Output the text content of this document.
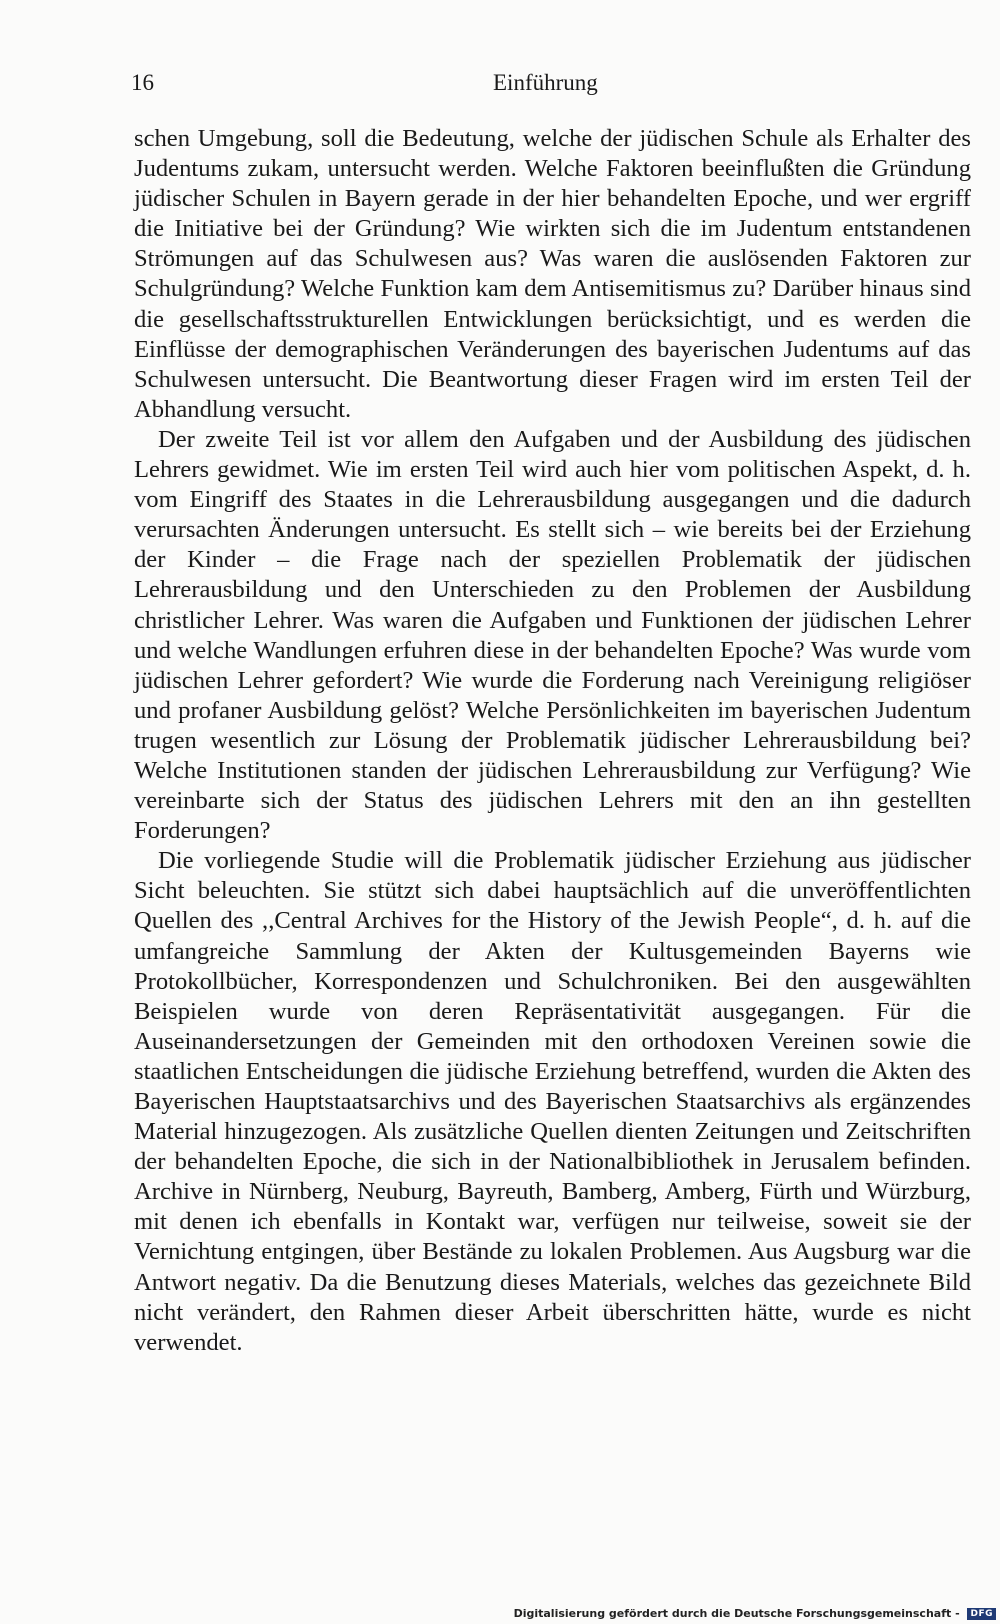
16	Einführung

schen Umgebung, soll die Bedeutung, welche der jüdischen Schule als Erhalter des Judentums zukam, untersucht werden. Welche Faktoren beeinflußten die Gründung jüdischer Schulen in Bayern gerade in der hier behandelten Epoche, und wer ergriff die Initiative bei der Gründung? Wie wirkten sich die im Judentum entstandenen Strömungen auf das Schulwesen aus? Was waren die auslösenden Faktoren zur Schulgründung? Welche Funktion kam dem Antisemitismus zu? Darüber hinaus sind die gesellschaftsstrukturellen Entwicklungen berücksichtigt, und es werden die Einflüsse der demographischen Veränderungen des bayerischen Judentums auf das Schulwesen untersucht. Die Beantwortung dieser Fragen wird im ersten Teil der Abhandlung versucht.

Der zweite Teil ist vor allem den Aufgaben und der Ausbildung des jüdischen Lehrers gewidmet. Wie im ersten Teil wird auch hier vom politischen Aspekt, d. h. vom Eingriff des Staates in die Lehrerausbildung ausgegangen und die dadurch verursachten Änderungen untersucht. Es stellt sich – wie bereits bei der Erziehung der Kinder – die Frage nach der speziellen Problematik der jüdischen Lehrerausbildung und den Unterschieden zu den Problemen der Ausbildung christlicher Lehrer. Was waren die Aufgaben und Funktionen der jüdischen Lehrer und welche Wandlungen erfuhren diese in der behandelten Epoche? Was wurde vom jüdischen Lehrer gefordert? Wie wurde die Forderung nach Vereinigung religiöser und profaner Ausbildung gelöst? Welche Persönlichkeiten im bayerischen Judentum trugen wesentlich zur Lösung der Problematik jüdischer Lehrerausbildung bei? Welche Institutionen standen der jüdischen Lehrerausbildung zur Verfügung? Wie vereinbarte sich der Status des jüdischen Lehrers mit den an ihn gestellten Forderungen?

Die vorliegende Studie will die Problematik jüdischer Erziehung aus jüdischer Sicht beleuchten. Sie stützt sich dabei hauptsächlich auf die unveröffentlichten Quellen des ,,Central Archives for the History of the Jewish People“, d. h. auf die umfangreiche Sammlung der Akten der Kultusgemeinden Bayerns wie Protokollbücher, Korrespondenzen und Schulchroniken. Bei den ausgewählten Beispielen wurde von deren Repräsentativität ausgegangen. Für die Auseinandersetzungen der Gemeinden mit den orthodoxen Vereinen sowie die staatlichen Entscheidungen die jüdische Erziehung betreffend, wurden die Akten des Bayerischen Hauptstaatsarchivs und des Bayerischen Staatsarchivs als ergänzendes Material hinzugezogen. Als zusätzliche Quellen dienten Zeitungen und Zeitschriften der behandelten Epoche, die sich in der Nationalbibliothek in Jerusalem befinden. Archive in Nürnberg, Neuburg, Bayreuth, Bamberg, Amberg, Fürth und Würzburg, mit denen ich ebenfalls in Kontakt war, verfügen nur teilweise, soweit sie der Vernichtung entgingen, über Bestände zu lokalen Problemen. Aus Augsburg war die Antwort negativ. Da die Benutzung dieses Materials, welches das gezeichnete Bild nicht verändert, den Rahmen dieser Arbeit überschritten hätte, wurde es nicht verwendet.

Digitalisierung gefördert durch die Deutsche Forschungsgemeinschaft - DFG
